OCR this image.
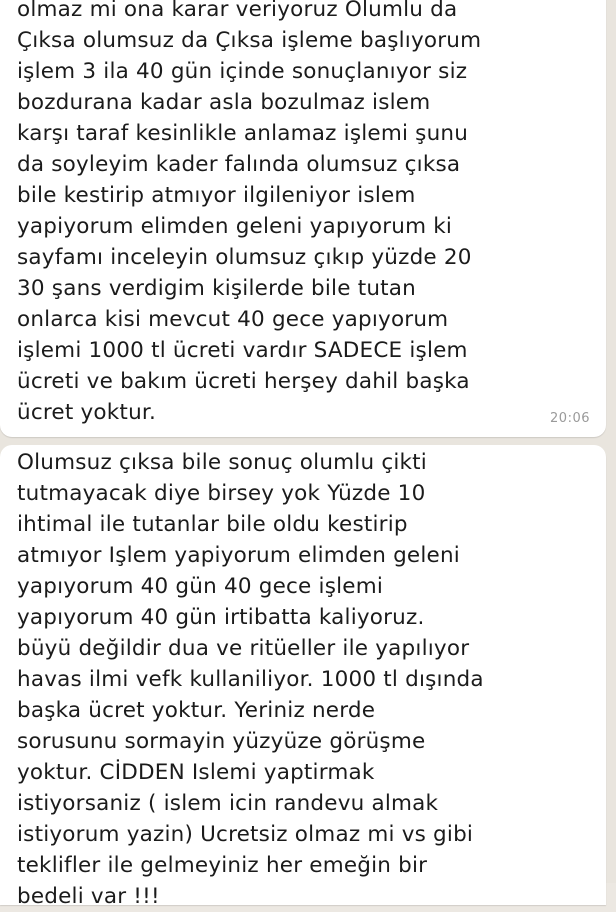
olmaz mi ona karar veriyoruz Olumlu da
Çıksa olumsuz da Çıksa işleme başlıyorum
işlem 3 ila 40 gün içinde sonuçlanıyor siz
bozdurana kadar asla bozulmaz islem
karşı taraf kesinlikle anlamaz işlemi şunu
da soyleyim kader falında olumsuz çıksa
bile kestirip atmıyor ilgileniyor islem
yapiyorum elimden geleni yapıyorum ki
sayfamı inceleyin olumsuz çıkıp yüzde 20
30 şans verdigim kişilerde bile tutan
onlarca kisi mevcut 40 gece yapıyorum
işlemi 1000 tl ücreti vardır SADECE işlem
ücreti ve bakım ücreti herşey dahil başka
ücret yoktur.	20:06
Olumsuz çıksa bile sonuç olumlu çikti
tutmayacak diye birsey yok Yüzde 10
ihtimal ile tutanlar bile oldu kestirip
atmıyor Işlem yapiyorum elimden geleni
yapıyorum 40 gün 40 gece işlemi
yapıyorum 40 gün irtibatta kaliyoruz.
büyü değildir dua ve ritüeller ile yapılıyor
havas ilmi vefk kullaniliyor. 1000 tl dışında
başka ücret yoktur. Yeriniz nerde
sorusunu sormayin yüzyüze görüşme
yoktur. CİDDEN Islemi yaptirmak
istiyorsaniz ( islem icin randevu almak
istiyorum yazin) Ucretsiz olmaz mi vs gibi
teklifler ile gelmeyiniz her emeğin bir
bedeli var !!!
